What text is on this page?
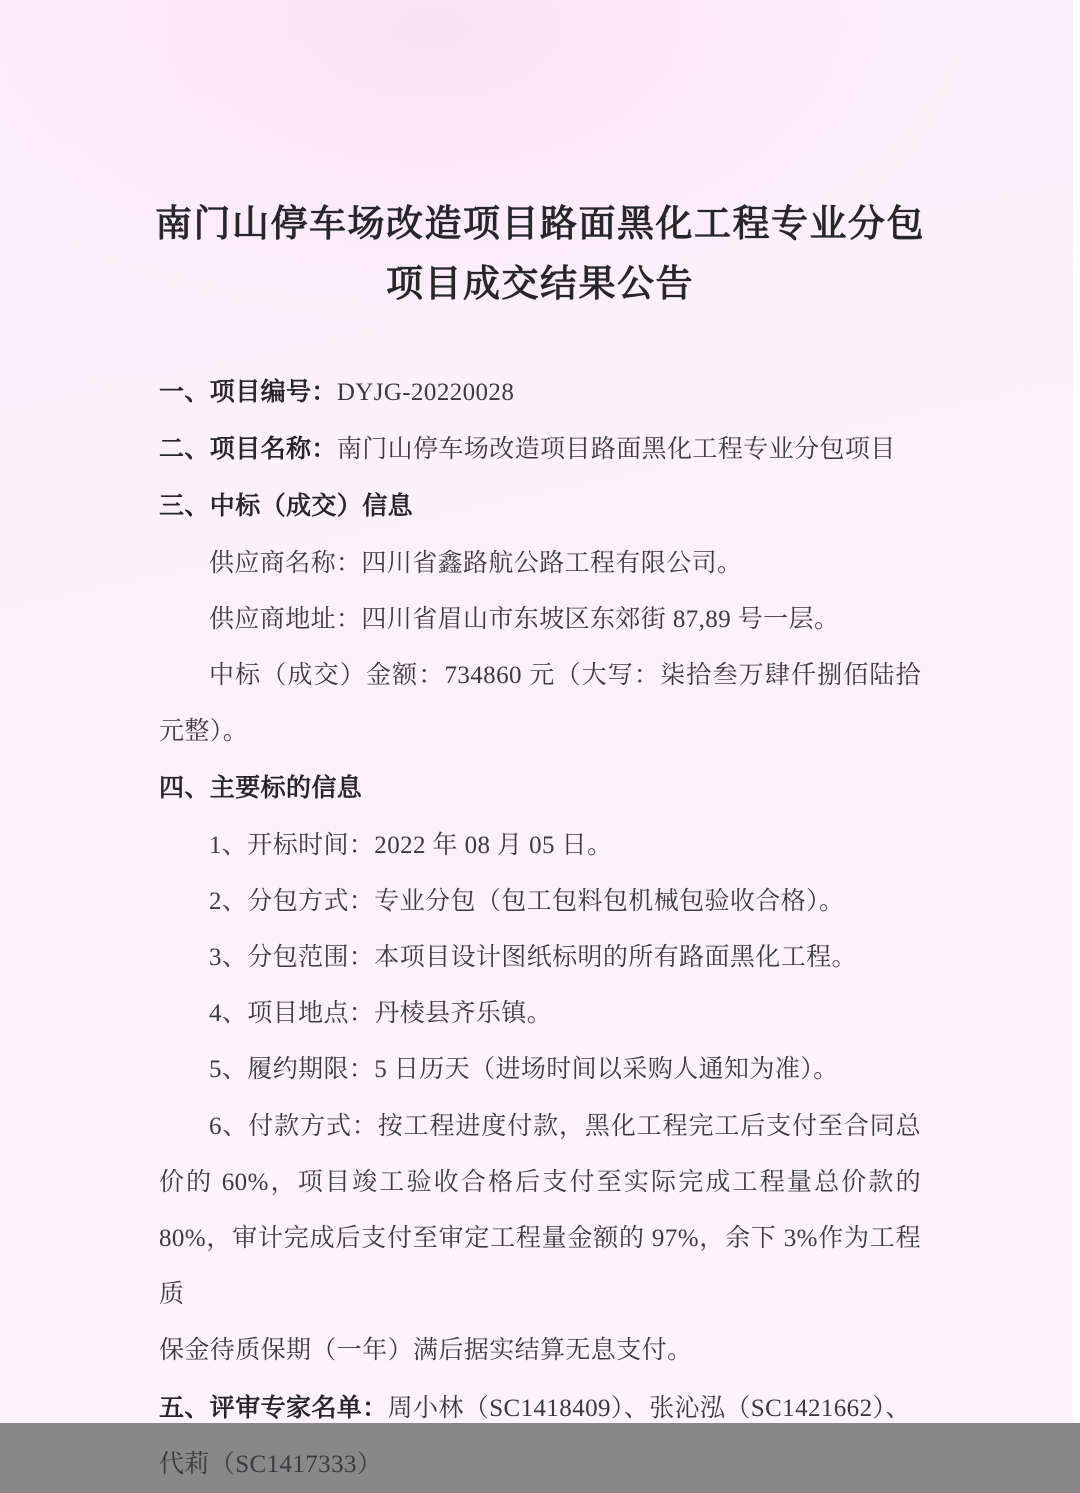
南门山停车场改造项目路面黑化工程专业分包
项目成交结果公告

一、项目编号：DYJG-20220028

二、项目名称：南门山停车场改造项目路面黑化工程专业分包项目

三、中标（成交）信息

供应商名称：四川省鑫路航公路工程有限公司。

供应商地址：四川省眉山市东坡区东郊街 87,89 号一层。

中标（成交）金额：734860 元（大写：柒拾叁万肆仟捌佰陆拾

元整）。

四、主要标的信息

1、开标时间：2022 年 08 月 05 日。

2、分包方式：专业分包（包工包料包机械包验收合格）。

3、分包范围：本项目设计图纸标明的所有路面黑化工程。

4、项目地点：丹棱县齐乐镇。

5、履约期限：5 日历天（进场时间以采购人通知为准）。

6、付款方式：按工程进度付款，黑化工程完工后支付至合同总

价的 60%，项目竣工验收合格后支付至实际完成工程量总价款的

80%，审计完成后支付至审定工程量金额的 97%，余下 3%作为工程质

保金待质保期（一年）满后据实结算无息支付。

五、评审专家名单：周小林（SC1418409）、张沁泓（SC1421662）、

代莉（SC1417333）
